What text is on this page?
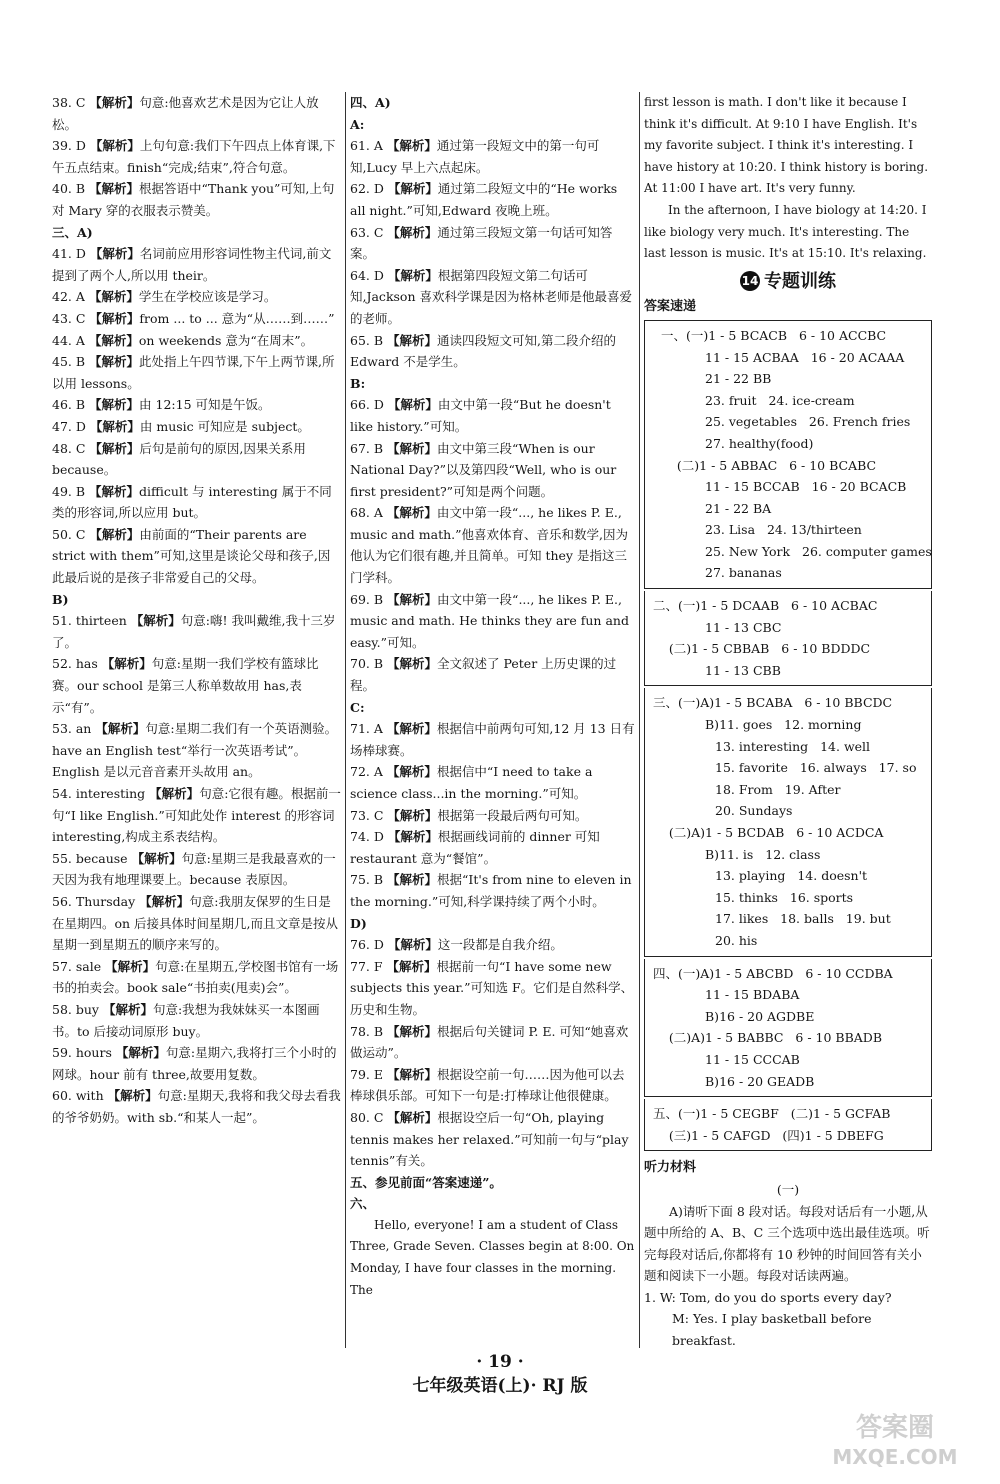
38. C 【解析】句意:他喜欢艺术是因为它让人放松。

39. D 【解析】上句句意:我们下午四点上体育课,下午五点结束。finish“完成;结束”,符合句意。

40. B 【解析】根据答语中“Thank you”可知,上句对 Mary 穿的衣服表示赞美。

三、A)

41. D 【解析】名词前应用形容词性物主代词,前文提到了两个人,所以用 their。

42. A 【解析】学生在学校应该是学习。

43. C 【解析】from ... to ... 意为“从……到……”

44. A 【解析】on weekends 意为“在周末”。

45. B 【解析】此处指上午四节课,下午上两节课,所以用 lessons。

46. B 【解析】由 12:15 可知是午饭。

47. D 【解析】由 music 可知应是 subject。

48. C 【解析】后句是前句的原因,因果关系用 because。

49. B 【解析】difficult 与 interesting 属于不同类的形容词,所以应用 but。

50. C 【解析】由前面的“Their parents are strict with them”可知,这里是谈论父母和孩子,因此最后说的是孩子非常爱自己的父母。

B)

51. thirteen 【解析】句意:嗨! 我叫戴维,我十三岁了。

52. has 【解析】句意:星期一我们学校有篮球比赛。our school 是第三人称单数故用 has,表示“有”。

53. an 【解析】句意:星期二我们有一个英语测验。have an English test“举行一次英语考试”。English 是以元音音素开头故用 an。

54. interesting 【解析】句意:它很有趣。根据前一句“I like English.”可知此处作 interest 的形容词 interesting,构成主系表结构。

55. because 【解析】句意:星期三是我最喜欢的一天因为我有地理课要上。because 表原因。

56. Thursday 【解析】句意:我朋友保罗的生日是在星期四。on 后接具体时间星期几,而且文章是按从星期一到星期五的顺序来写的。

57. sale 【解析】句意:在星期五,学校图书馆有一场书的拍卖会。book sale“书拍卖(甩卖)会”。

58. buy 【解析】句意:我想为我妹妹买一本图画书。to 后接动词原形 buy。

59. hours 【解析】句意:星期六,我将打三个小时的网球。hour 前有 three,故要用复数。

60. with 【解析】句意:星期天,我将和我父母去看我的爷爷奶奶。with sb.“和某人一起”。

四、A)

A:

61. A 【解析】通过第一段短文中的第一句可知,Lucy 早上六点起床。

62. D 【解析】通过第二段短文中的“He works all night.”可知,Edward 夜晚上班。

63. C 【解析】通过第三段短文第一句话可知答案。

64. D 【解析】根据第四段短文第二句话可知,Jackson 喜欢科学课是因为格林老师是他最喜爱的老师。

65. B 【解析】通读四段短文可知,第二段介绍的 Edward 不是学生。

B:

66. D 【解析】由文中第一段“But he doesn't like history.”可知。

67. B 【解析】由文中第三段“When is our National Day?”以及第四段“Well, who is our first president?”可知是两个问题。

68. A 【解析】由文中第一段“..., he likes P. E., music and math.”他喜欢体育、音乐和数学,因为他认为它们很有趣,并且简单。可知 they 是指这三门学科。

69. B 【解析】由文中第一段“..., he likes P. E., music and math. He thinks they are fun and easy.”可知。

70. B 【解析】全文叙述了 Peter 上历史课的过程。

C:

71. A 【解析】根据信中前两句可知,12 月 13 日有场棒球赛。

72. A 【解析】根据信中“I need to take a science class...in the morning.”可知。

73. C 【解析】根据第一段最后两句可知。

74. D 【解析】根据画线词前的 dinner 可知 restaurant 意为“餐馆”。

75. B 【解析】根据“It's from nine to eleven in the morning.”可知,科学课持续了两个小时。

D)

76. D 【解析】这一段都是自我介绍。

77. F 【解析】根据前一句“I have some new subjects this year.”可知选 F。它们是自然科学、历史和生物。

78. B 【解析】根据后句关键词 P. E. 可知“她喜欢做运动”。

79. E 【解析】根据设空前一句……因为他可以去棒球俱乐部。可知下一句是:打棒球让他很健康。

80. C 【解析】根据设空后一句“Oh, playing tennis makes her relaxed.”可知前一句与“play tennis”有关。

五、参见前面“答案速递”。

六、

Hello, everyone! I am a student of Class Three, Grade Seven. Classes begin at 8:00. On Monday, I have four classes in the morning. The

first lesson is math. I don't like it because I think it's difficult. At 9:10 I have English. It's my favorite subject. I think it's interesting. I have history at 10:20. I think history is boring. At 11:00 I have art. It's very funny.

In the afternoon, I have biology at 14:20. I like biology very much. It's interesting. The last lesson is music. It's at 15:10. It's relaxing.

14 专题训练

答案速递

一、(一)1 - 5 BCACB   6 - 10 ACCBC

11 - 15 ACBAA   16 - 20 ACAAA

21 - 22 BB

23. fruit   24. ice-cream

25. vegetables   26. French fries

27. healthy(food)

(二)1 - 5 ABBAC   6 - 10 BCABC

11 - 15 BCCAB   16 - 20 BCACB

21 - 22 BA

23. Lisa   24. 13/thirteen

25. New York   26. computer games

27. bananas

二、(一)1 - 5 DCAAB   6 - 10 ACBAC

11 - 13 CBC

(二)1 - 5 CBBAB   6 - 10 BDDDC

11 - 13 CBB

三、(一)A)1 - 5 BCABA   6 - 10 BBCDC

B)11. goes   12. morning

13. interesting   14. well

15. favorite   16. always   17. so

18. From   19. After

20. Sundays

(二)A)1 - 5 BCDAB   6 - 10 ACDCA

B)11. is   12. class

13. playing   14. doesn't

15. thinks   16. sports

17. likes   18. balls   19. but

20. his

四、(一)A)1 - 5 ABCBD   6 - 10 CCDBA

11 - 15 BDABA

B)16 - 20 AGDBE

(二)A)1 - 5 BABBC   6 - 10 BBADB

11 - 15 CCCAB

B)16 - 20 GEADB

五、(一)1 - 5 CEGBF   (二)1 - 5 GCFAB

(三)1 - 5 CAFGD   (四)1 - 5 DBEFG

听力材料

(一)

A)请听下面 8 段对话。每段对话后有一小题,从题中所给的 A、B、C 三个选项中选出最佳选项。听完每段对话后,你都将有 10 秒钟的时间回答有关小题和阅读下一小题。每段对话读两遍。

1. W: Tom, do you do sports every day?

M: Yes. I play basketball before breakfast.

· 19 ·
七年级英语(上)· RJ 版
答案圈
MXQE.COM
